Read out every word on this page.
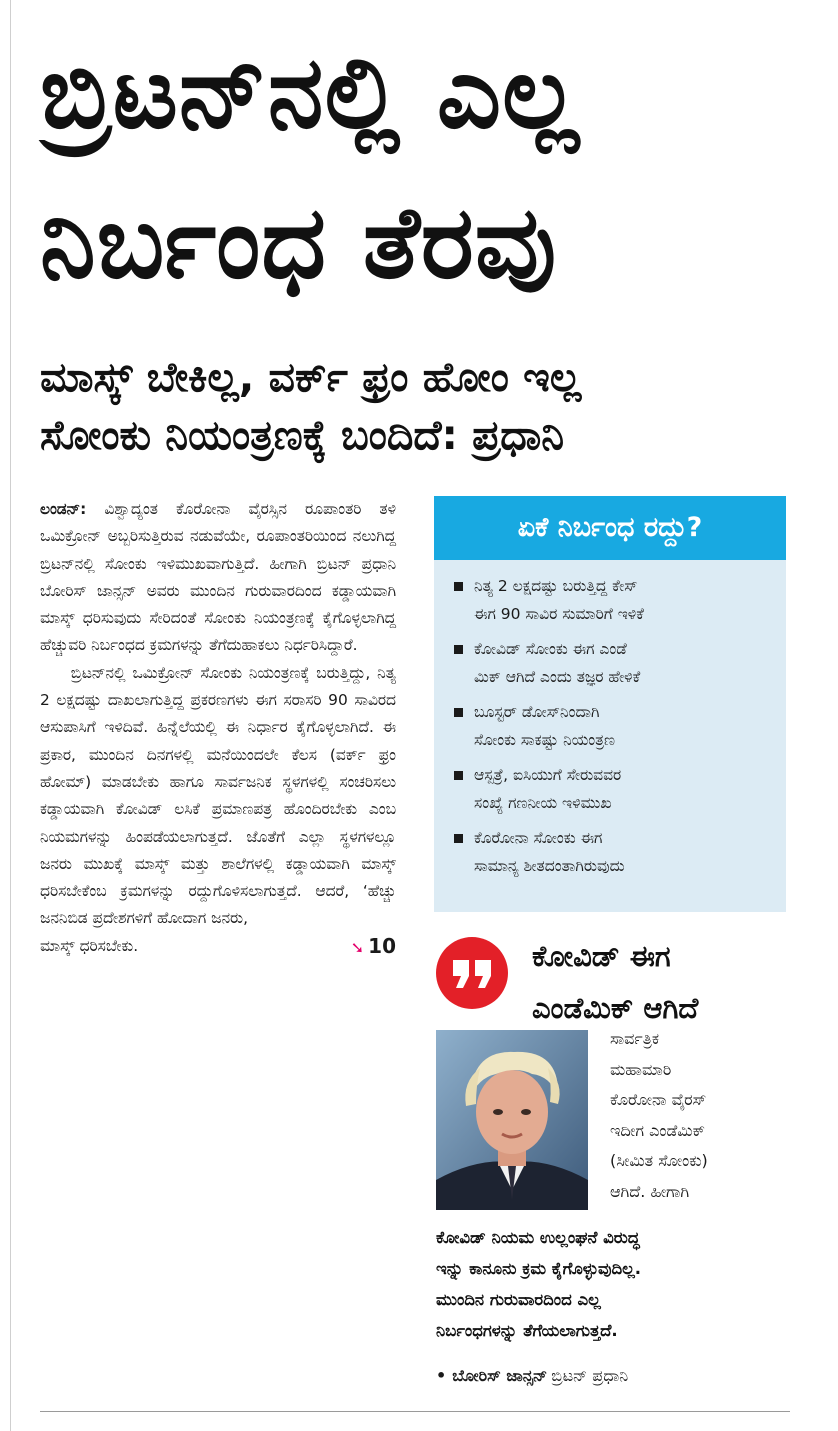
ಬ್ರಿಟನ್‌ನಲ್ಲಿ ಎಲ್ಲ
ನಿರ್ಬಂಧ ತೆರವು
ಮಾಸ್ಕ್ ಬೇಕಿಲ್ಲ, ವರ್ಕ್ ಫ್ರಂ ಹೋಂ ಇಲ್ಲ
ಸೋಂಕು ನಿಯಂತ್ರಣಕ್ಕೆ ಬಂದಿದೆ: ಪ್ರಧಾನಿ

ಲಂಡನ್: ವಿಶ್ವಾದ್ಯಂತ ಕೊರೋನಾ ವೈರಸ್ಸಿನ ರೂಪಾಂತರಿ ತಳಿ ಒಮಿಕ್ರೋನ್ ಅಬ್ಬರಿಸುತ್ತಿರುವ ನಡುವೆಯೇ, ರೂಪಾಂತರಿಯಿಂದ ನಲುಗಿದ್ದ ಬ್ರಿಟನ್‌ನಲ್ಲಿ ಸೋಂಕು ಇಳಿಮುಖವಾಗುತ್ತಿದೆ. ಹೀಗಾಗಿ ಬ್ರಿಟನ್ ಪ್ರಧಾನಿ ಬೋರಿಸ್ ಜಾನ್ಸನ್ ಅವರು ಮುಂದಿನ ಗುರುವಾರದಿಂದ ಕಡ್ಡಾಯವಾಗಿ ಮಾಸ್ಕ್ ಧರಿಸುವುದು ಸೇರಿದಂತೆ ಸೋಂಕು ನಿಯಂತ್ರಣಕ್ಕೆ ಕೈಗೊಳ್ಳಲಾಗಿದ್ದ ಹೆಚ್ಚುವರಿ ನಿರ್ಬಂಧದ ಕ್ರಮಗಳನ್ನು ತೆಗೆದುಹಾಕಲು ನಿರ್ಧರಿಸಿದ್ದಾರೆ.

ಬ್ರಿಟನ್‌ನಲ್ಲಿ ಒಮಿಕ್ರೋನ್ ಸೋಂಕು ನಿಯಂತ್ರಣಕ್ಕೆ ಬರುತ್ತಿದ್ದು, ನಿತ್ಯ 2 ಲಕ್ಷದಷ್ಟು ದಾಖಲಾಗುತ್ತಿದ್ದ ಪ್ರಕರಣಗಳು ಈಗ ಸರಾಸರಿ 90 ಸಾವಿರದ ಆಸುಪಾಸಿಗೆ ಇಳಿದಿವೆ. ಹಿನ್ನೆಲೆಯಲ್ಲಿ ಈ ನಿರ್ಧಾರ ಕೈಗೊಳ್ಳಲಾಗಿದೆ. ಈ ಪ್ರಕಾರ, ಮುಂದಿನ ದಿನಗಳಲ್ಲಿ ಮನೆಯಿಂದಲೇ ಕೆಲಸ (ವರ್ಕ್ ಫ್ರಂ ಹೋಮ್) ಮಾಡಬೇಕು ಹಾಗೂ ಸಾರ್ವಜನಿಕ ಸ್ಥಳಗಳಲ್ಲಿ ಸಂಚರಿಸಲು ಕಡ್ಡಾಯವಾಗಿ ಕೋವಿಡ್ ಲಸಿಕೆ ಪ್ರಮಾಣಪತ್ರ ಹೊಂದಿರಬೇಕು ಎಂಬ ನಿಯಮಗಳನ್ನು ಹಿಂಪಡೆಯಲಾಗುತ್ತದೆ. ಜೊತೆಗೆ ಎಲ್ಲಾ ಸ್ಥಳಗಳಲ್ಲೂ ಜನರು ಮುಖಕ್ಕೆ ಮಾಸ್ಕ್ ಮತ್ತು ಶಾಲೆಗಳಲ್ಲಿ ಕಡ್ಡಾಯವಾಗಿ ಮಾಸ್ಕ್ ಧರಿಸಬೇಕೆಂಬ ಕ್ರಮಗಳನ್ನು ರದ್ದುಗೊಳಿಸಲಾಗುತ್ತದೆ. ಆದರೆ, ‘ಹೆಚ್ಚು ಜನನಿಬಿಡ ಪ್ರದೇಶಗಳಿಗೆ ಹೋದಾಗ ಜನರು,

ಮಾಸ್ಕ್ ಧರಿಸಬೇಕು.	➘ 10
ಏಕೆ ನಿರ್ಬಂಧ ರದ್ದು?
ನಿತ್ಯ 2 ಲಕ್ಷದಷ್ಟು ಬರುತ್ತಿದ್ದ ಕೇಸ್
ಈಗ 90 ಸಾವಿರ ಸುಮಾರಿಗೆ ಇಳಿಕೆ
ಕೋವಿಡ್ ಸೋಂಕು ಈಗ ಎಂಡೆ
ಮಿಕ್ ಆಗಿದೆ ಎಂದು ತಜ್ಞರ ಹೇಳಿಕೆ
ಬೂಸ್ಟರ್ ಡೋಸ್‌ನಿಂದಾಗಿ
ಸೋಂಕು ಸಾಕಷ್ಟು ನಿಯಂತ್ರಣ
ಆಸ್ಪತ್ರೆ, ಐಸಿಯುಗೆ ಸೇರುವವರ
ಸಂಖ್ಯೆ ಗಣನೀಯ ಇಳಿಮುಖ
ಕೊರೋನಾ ಸೋಂಕು ಈಗ
ಸಾಮಾನ್ಯ ಶೀತದಂತಾಗಿರುವುದು
ಕೋವಿಡ್ ಈಗ
ಎಂಡೆಮಿಕ್ ಆಗಿದೆ
ಸಾರ್ವತ್ರಿಕ
ಮಹಾಮಾರಿ
ಕೊರೋನಾ ವೈರಸ್
ಇದೀಗ ಎಂಡೆಮಿಕ್
(ಸೀಮಿತ ಸೋಂಕು)
ಆಗಿದೆ. ಹೀಗಾಗಿ
ಕೋವಿಡ್ ನಿಯಮ ಉಲ್ಲಂಘನೆ ವಿರುದ್ಧ
ಇನ್ನು ಕಾನೂನು ಕ್ರಮ ಕೈಗೊಳ್ಳುವುದಿಲ್ಲ.
ಮುಂದಿನ ಗುರುವಾರದಿಂದ ಎಲ್ಲ
ನಿರ್ಬಂಧಗಳನ್ನು ತೆಗೆಯಲಾಗುತ್ತದೆ.
• ಬೋರಿಸ್ ಜಾನ್ಸನ್ ಬ್ರಿಟನ್ ಪ್ರಧಾನಿ
